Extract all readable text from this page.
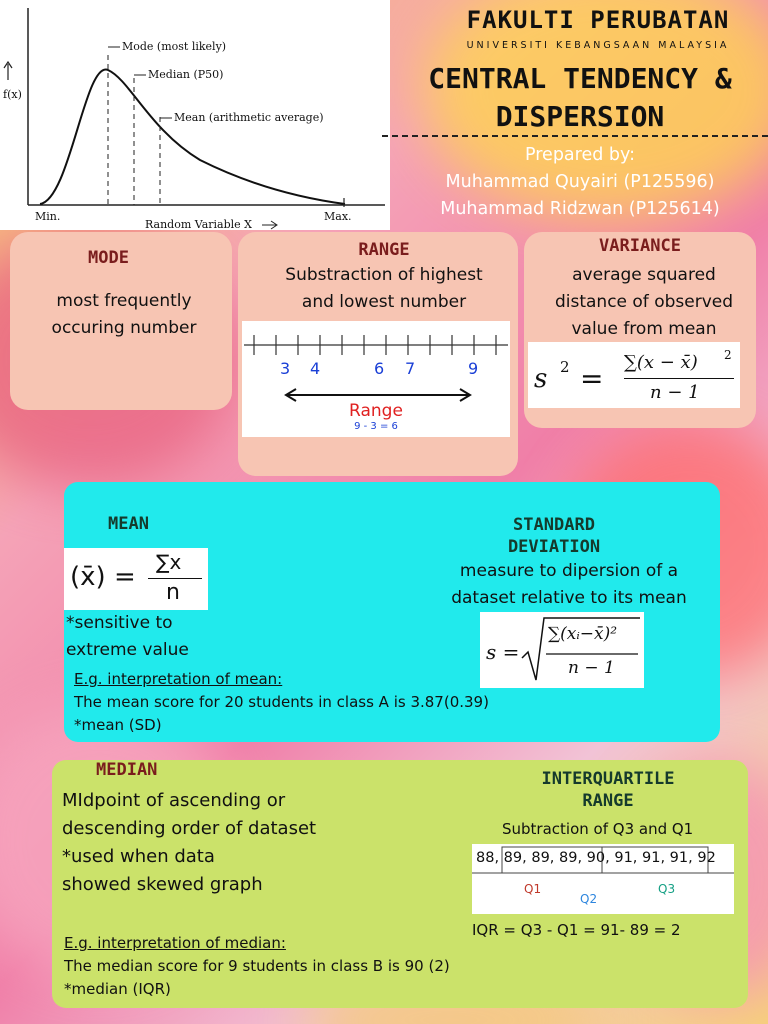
f(x)
Mode (most likely)
Median (P50)
Mean (arithmetic average)
Min.
Random Variable X
Max.
FAKULTI PERUBATAN
UNIVERSITI KEBANGSAAN MALAYSIA
CENTRAL TENDENCY &
DISPERSION
Prepared by:
Muhammad Quyairi (P125596)
Muhammad Ridzwan (P125614)
MODE
most frequently
occuring number
RANGE
Substraction of highest
and lowest number
3 4	6 7	9
Range
9 - 3 = 6
VARIANCE
average squared
distance of observed
value from mean
s 2 = ∑(x − x̄) 2
n − 1
MEAN
(x̄) = ∑x
n
*sensitive to
extreme value
E.g. interpretation of mean:
The mean score for 20 students in class A is 3.87(0.39)
*mean (SD)
STANDARD
DEVIATION
measure to dipersion of a
dataset relative to its mean
s =
∑(xᵢ−x̄)²
n − 1
MEDIAN
MIdpoint of ascending or
descending order of dataset
*used when data
showed skewed graph
E.g. interpretation of median:
The median score for 9 students in class B is 90 (2)
*median (IQR)
INTERQUARTILE
RANGE
Subtraction of Q3 and Q1
88, 89, 89, 89, 90, 91, 91, 91, 92
Q1
Q2
Q3
IQR = Q3 - Q1 = 91- 89 = 2
